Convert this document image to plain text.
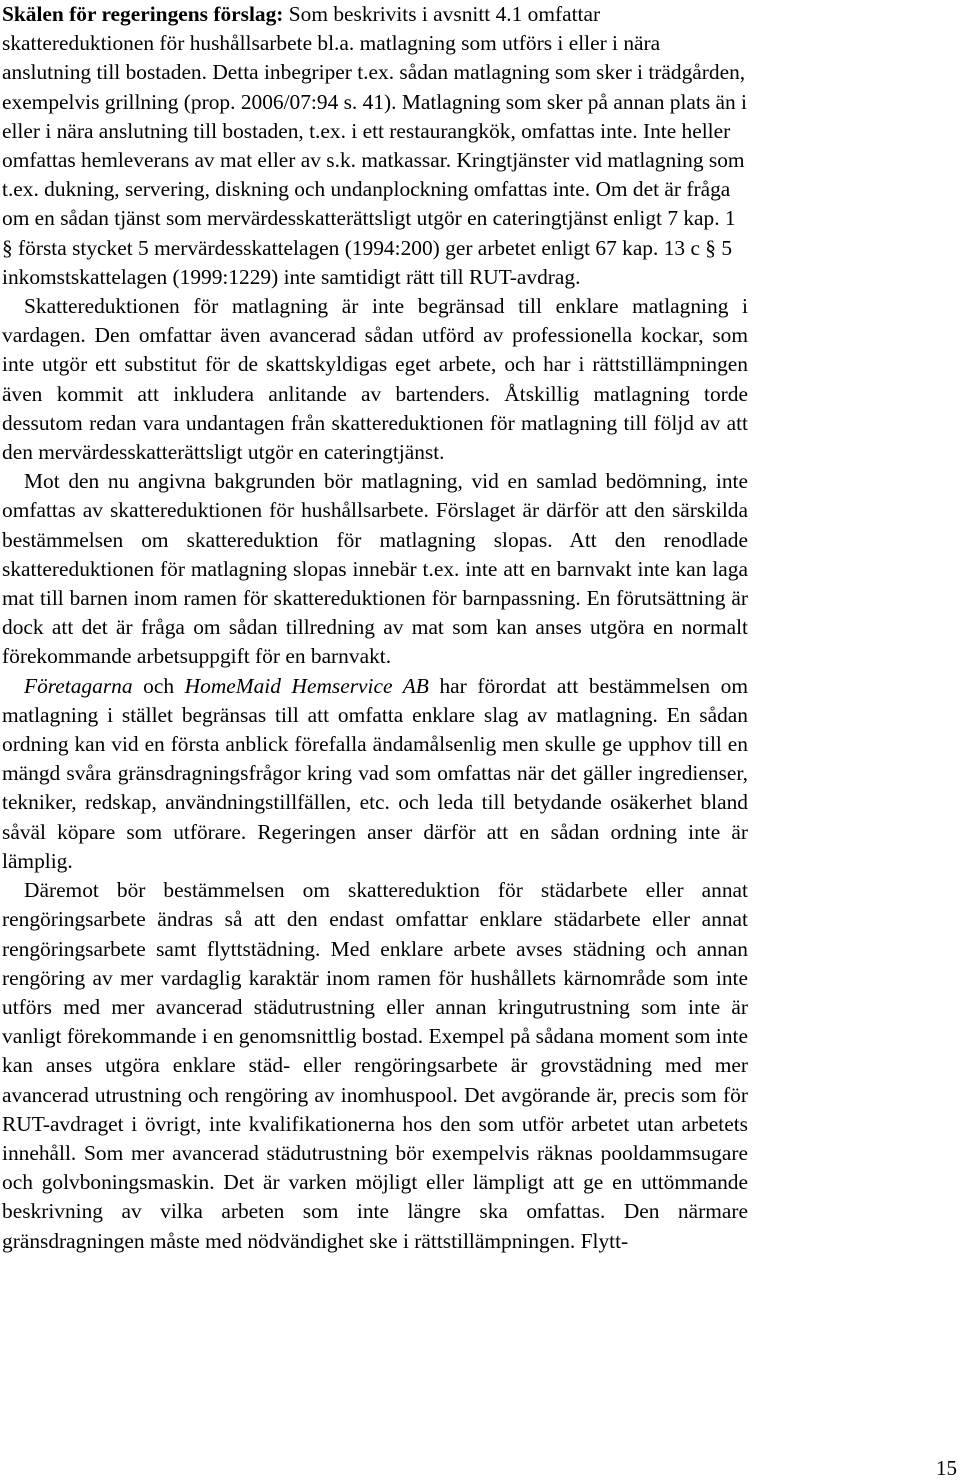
Skälen för regeringens förslag: Som beskrivits i avsnitt 4.1 omfattar skattereduktionen för hushållsarbete bl.a. matlagning som utförs i eller i nära anslutning till bostaden. Detta inbegriper t.ex. sådan matlagning som sker i trädgården, exempelvis grillning (prop. 2006/07:94 s. 41). Matlagning som sker på annan plats än i eller i nära anslutning till bostaden, t.ex. i ett restaurangkök, omfattas inte. Inte heller omfattas hemleverans av mat eller av s.k. matkassar. Kringtjänster vid matlagning som t.ex. dukning, servering, diskning och undanplockning omfattas inte. Om det är fråga om en sådan tjänst som mervärdesskatterättsligt utgör en cateringtjänst enligt 7 kap. 1 § första stycket 5 mervärdesskattelagen (1994:200) ger arbetet enligt 67 kap. 13 c § 5 inkomstskattelagen (1999:1229) inte samtidigt rätt till RUT-avdrag.

Skattereduktionen för matlagning är inte begränsad till enklare matlagning i vardagen. Den omfattar även avancerad sådan utförd av professionella kockar, som inte utgör ett substitut för de skattskyldigas eget arbete, och har i rättstillämpningen även kommit att inkludera anlitande av bartenders. Åtskillig matlagning torde dessutom redan vara undantagen från skattereduktionen för matlagning till följd av att den mervärdesskatterättsligt utgör en cateringtjänst.

Mot den nu angivna bakgrunden bör matlagning, vid en samlad bedömning, inte omfattas av skattereduktionen för hushållsarbete. Förslaget är därför att den särskilda bestämmelsen om skattereduktion för matlagning slopas. Att den renodlade skattereduktionen för matlagning slopas innebär t.ex. inte att en barnvakt inte kan laga mat till barnen inom ramen för skattereduktionen för barnpassning. En förutsättning är dock att det är fråga om sådan tillredning av mat som kan anses utgöra en normalt förekommande arbetsuppgift för en barnvakt.

Företagarna och HomeMaid Hemservice AB har förordat att bestämmelsen om matlagning i stället begränsas till att omfatta enklare slag av matlagning. En sådan ordning kan vid en första anblick förefalla ändamålsenlig men skulle ge upphov till en mängd svåra gränsdragningsfrågor kring vad som omfattas när det gäller ingredienser, tekniker, redskap, användningstillfällen, etc. och leda till betydande osäkerhet bland såväl köpare som utförare. Regeringen anser därför att en sådan ordning inte är lämplig.

Däremot bör bestämmelsen om skattereduktion för städarbete eller annat rengöringsarbete ändras så att den endast omfattar enklare städarbete eller annat rengöringsarbete samt flyttstädning. Med enklare arbete avses städning och annan rengöring av mer vardaglig karaktär inom ramen för hushållets kärnområde som inte utförs med mer avancerad städutrustning eller annan kringutrustning som inte är vanligt förekommande i en genomsnittlig bostad. Exempel på sådana moment som inte kan anses utgöra enklare städ- eller rengöringsarbete är grovstädning med mer avancerad utrustning och rengöring av inomhuspool. Det avgörande är, precis som för RUT-avdraget i övrigt, inte kvalifikationerna hos den som utför arbetet utan arbetets innehåll. Som mer avancerad städutrustning bör exempelvis räknas pooldammsugare och golvboningsmaskin. Det är varken möjligt eller lämpligt att ge en uttömmande beskrivning av vilka arbeten som inte längre ska omfattas. Den närmare gränsdragningen måste med nödvändighet ske i rättstillämpningen. Flytt-

15
